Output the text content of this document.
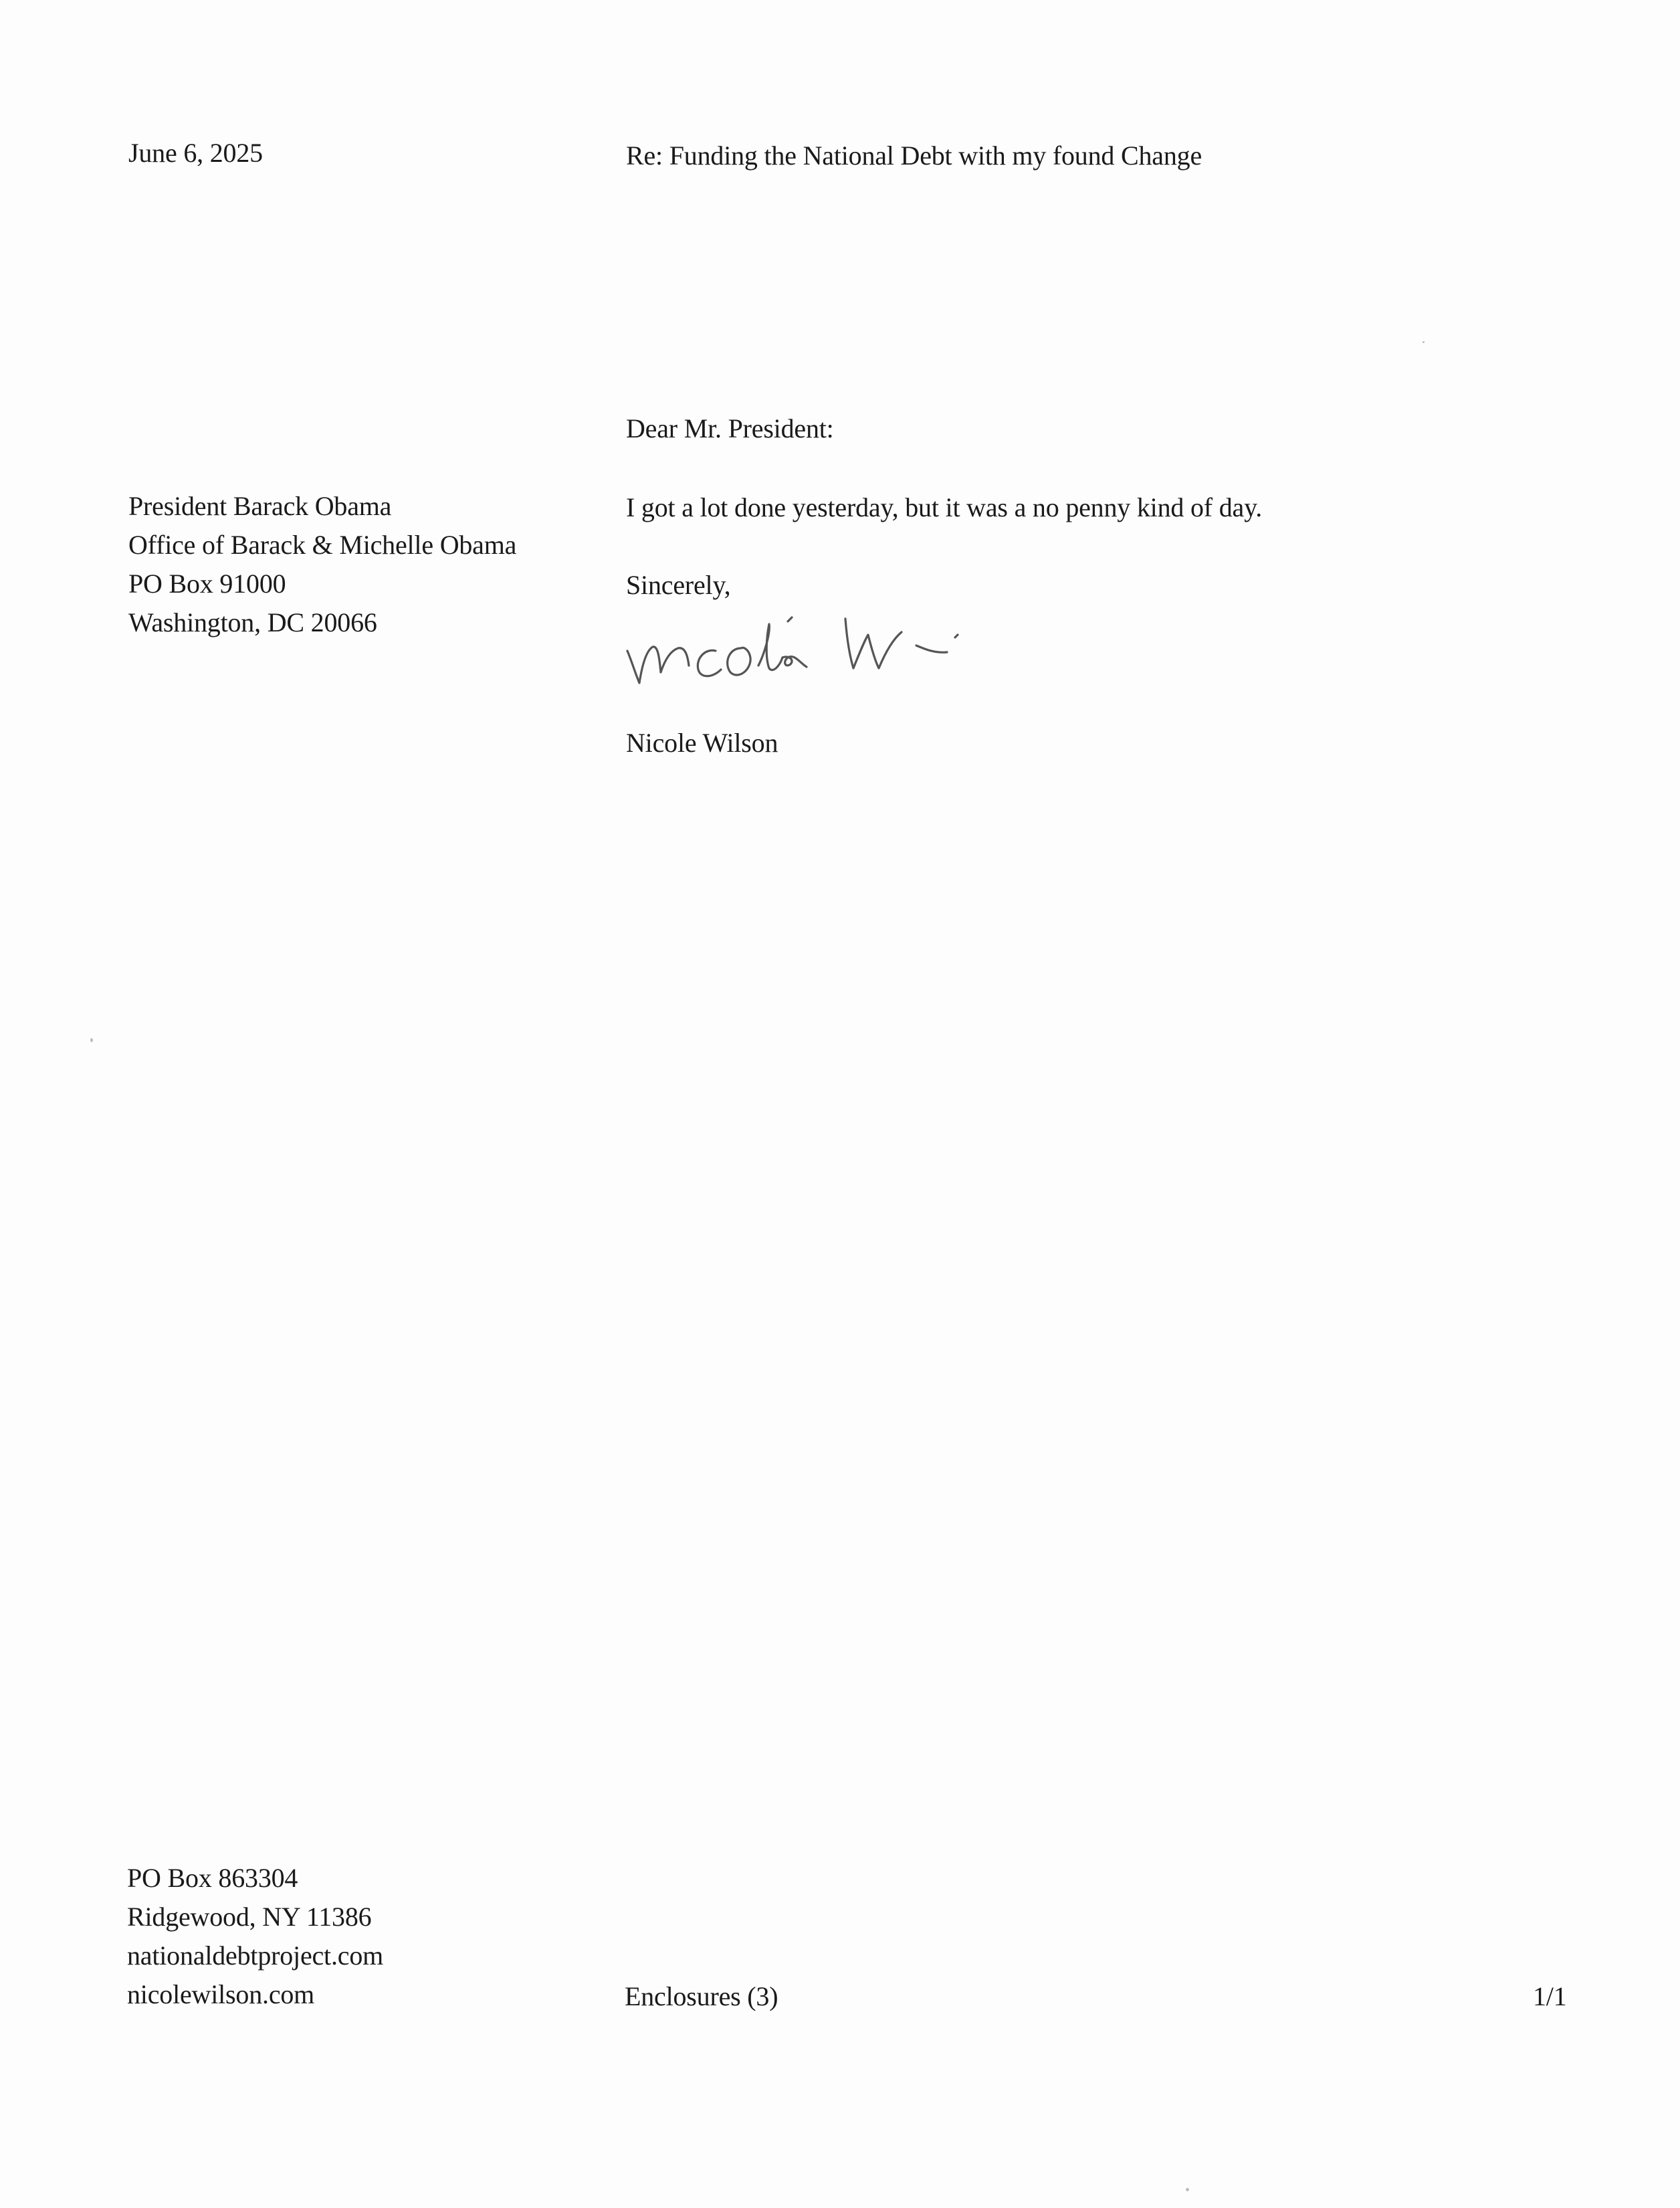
June 6, 2025	Re: Funding the National Debt with my found Change
Dear Mr. President:
President Barack Obama
Office of Barack & Michelle Obama
PO Box 91000
Washington, DC 20066
I got a lot done yesterday, but it was a no penny kind of day.
Sincerely,
Nicole Wilson
PO Box 863304
Ridgewood, NY 11386
nationaldebtproject.com
nicolewilson.com	Enclosures (3)	1/1
